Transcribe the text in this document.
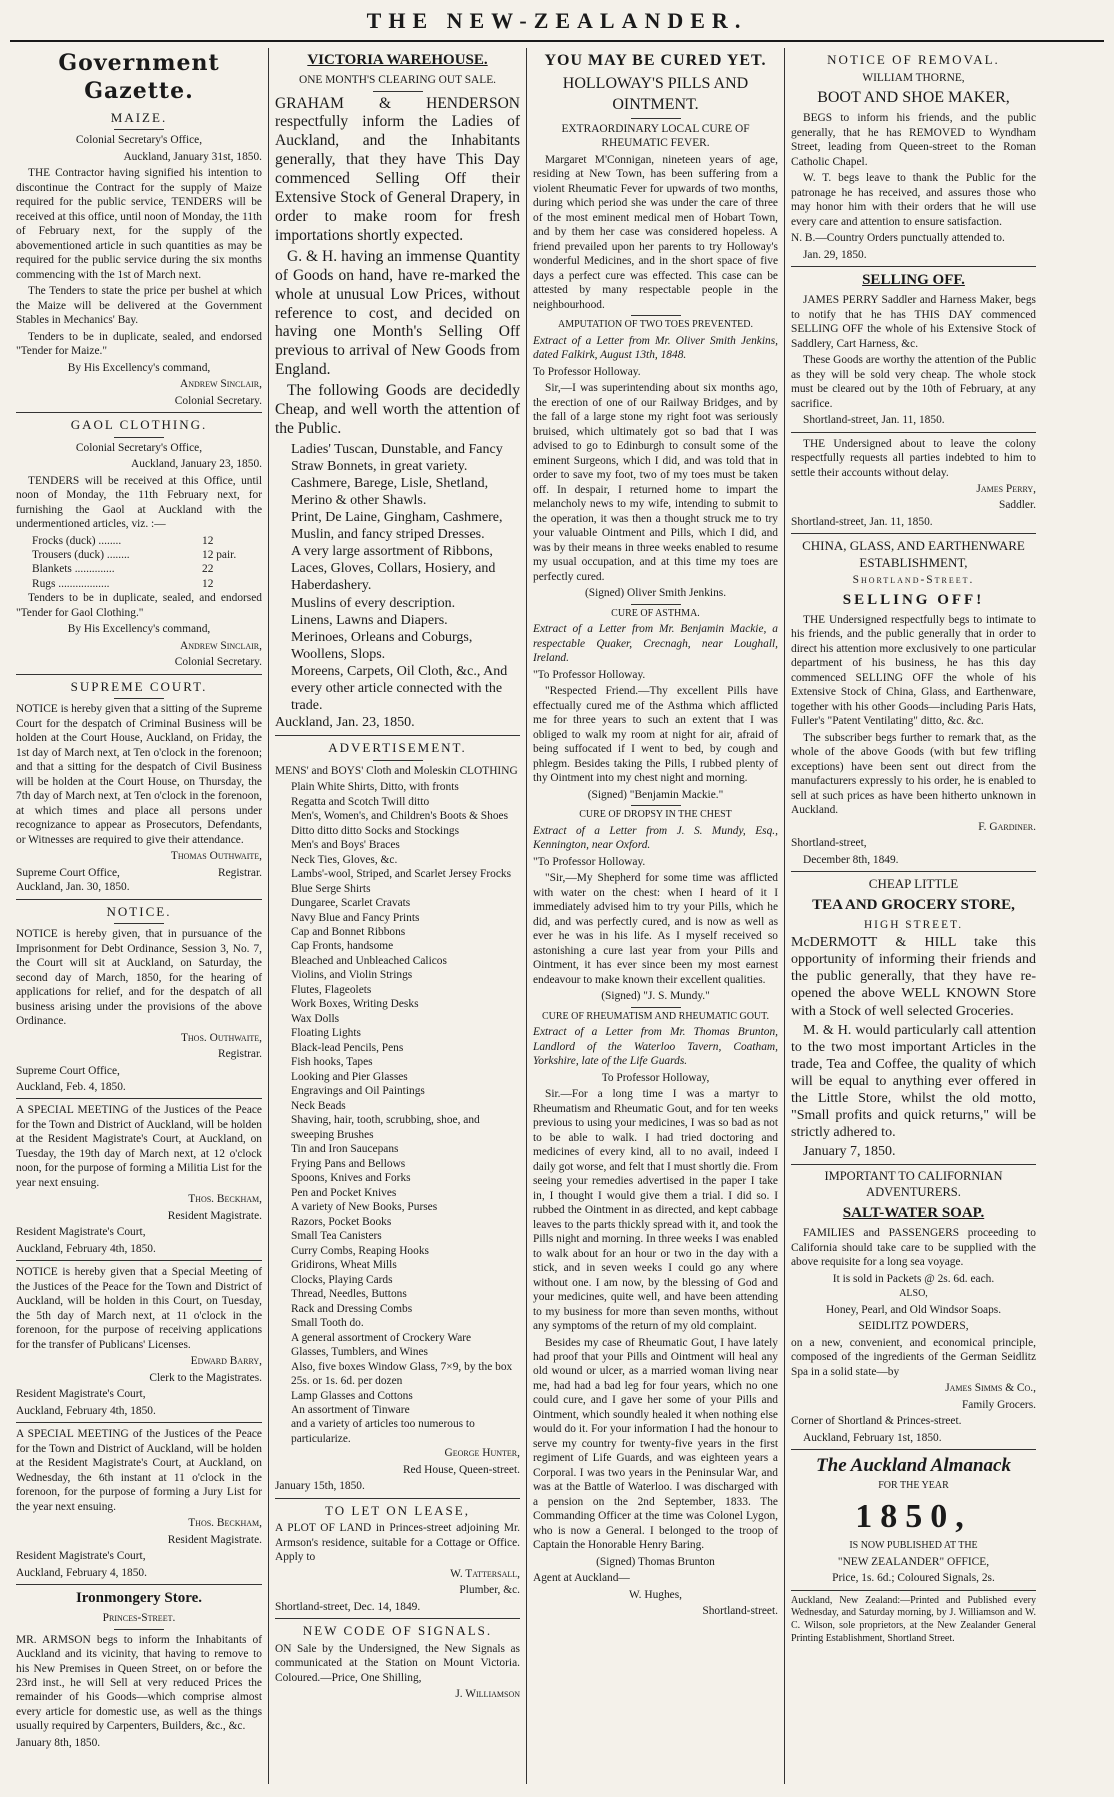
THE NEW-ZEALANDER.
Government Gazette.
MAIZE.

Colonial Secretary's Office,

Auckland, January 31st, 1850.

THE Contractor having signified his intention to discontinue the Contract for the supply of Maize required for the public service, TENDERS will be received at this office, until noon of Monday, the 11th of February next, for the supply of the abovementioned article in such quantities as may be required for the public service during the six months commencing with the 1st of March next.

The Tenders to state the price per bushel at which the Maize will be delivered at the Government Stables in Mechanics' Bay.

Tenders to be in duplicate, sealed, and endorsed "Tender for Maize."

By His Excellency's command,

Andrew Sinclair,

Colonial Secretary.

GAOL CLOTHING.

Colonial Secretary's Office,

Auckland, January 23, 1850.

TENDERS will be received at this Office, until noon of Monday, the 11th February next, for furnishing the Gaol at Auckland with the undermentioned articles, viz. :—

Frocks (duck) ........	12
Trousers (duck) ........	12 pair.
Blankets ..............	22
Rugs ..................	12

Tenders to be in duplicate, sealed, and endorsed "Tender for Gaol Clothing."

By His Excellency's command,

Andrew Sinclair,

Colonial Secretary.

SUPREME COURT.

NOTICE is hereby given that a sitting of the Supreme Court for the despatch of Criminal Business will be holden at the Court House, Auckland, on Friday, the 1st day of March next, at Ten o'clock in the forenoon; and that a sitting for the despatch of Civil Business will be holden at the Court House, on Thursday, the 7th day of March next, at Ten o'clock in the forenoon, at which times and place all persons under recognizance to appear as Prosecutors, Defendants, or Witnesses are required to give their attendance.

Thomas Outhwaite,

Supreme Court Office,	Registrar.

Auckland, Jan. 30, 1850.

NOTICE.

NOTICE is hereby given, that in pursuance of the Imprisonment for Debt Ordinance, Session 3, No. 7, the Court will sit at Auckland, on Saturday, the second day of March, 1850, for the hearing of applications for relief, and for the despatch of all business arising under the provisions of the above Ordinance.

Thos. Outhwaite,

Registrar.

Supreme Court Office,

Auckland, Feb. 4, 1850.

A SPECIAL MEETING of the Justices of the Peace for the Town and District of Auckland, will be holden at the Resident Magistrate's Court, at Auckland, on Tuesday, the 19th day of March next, at 12 o'clock noon, for the purpose of forming a Militia List for the year next ensuing.

Thos. Beckham,

Resident Magistrate.

Resident Magistrate's Court,

Auckland, February 4th, 1850.

NOTICE is hereby given that a Special Meeting of the Justices of the Peace for the Town and District of Auckland, will be holden in this Court, on Tuesday, the 5th day of March next, at 11 o'clock in the forenoon, for the purpose of receiving applications for the transfer of Publicans' Licenses.

Edward Barry,

Clerk to the Magistrates.

Resident Magistrate's Court,

Auckland, February 4th, 1850.

A SPECIAL MEETING of the Justices of the Peace for the Town and District of Auckland, will be holden at the Resident Magistrate's Court, at Auckland, on Wednesday, the 6th instant at 11 o'clock in the forenoon, for the purpose of forming a Jury List for the year next ensuing.

Thos. Beckham,

Resident Magistrate.

Resident Magistrate's Court,

Auckland, February 4, 1850.

Ironmongery Store.

Princes-Street.

MR. ARMSON begs to inform the Inhabitants of Auckland and its vicinity, that having to remove to his New Premises in Queen Street, on or before the 23rd inst., he will Sell at very reduced Prices the remainder of his Goods—which comprise almost every article for domestic use, as well as the things usually required by Carpenters, Builders, &c., &c.

January 8th, 1850.

VICTORIA WAREHOUSE.

ONE MONTH'S CLEARING OUT SALE.

GRAHAM & HENDERSON respectfully inform the Ladies of Auckland, and the Inhabitants generally, that they have This Day commenced Selling Off their Extensive Stock of General Drapery, in order to make room for fresh importations shortly expected.

G. & H. having an immense Quantity of Goods on hand, have re-marked the whole at unusual Low Prices, without reference to cost, and decided on having one Month's Selling Off previous to arrival of New Goods from England.

The following Goods are decidedly Cheap, and well worth the attention of the Public.

Ladies' Tuscan, Dunstable, and Fancy Straw Bonnets, in great variety.

Cashmere, Barege, Lisle, Shetland, Merino & other Shawls.

Print, De Laine, Gingham, Cashmere, Muslin, and fancy striped Dresses.

A very large assortment of Ribbons, Laces, Gloves, Collars, Hosiery, and Haberdashery.

Muslins of every description.

Linens, Lawns and Diapers.

Merinoes, Orleans and Coburgs, Woollens, Slops.

Moreens, Carpets, Oil Cloth, &c., And every other article connected with the trade.

Auckland, Jan. 23, 1850.

ADVERTISEMENT.

MENS' and BOYS' Cloth and Moleskin CLOTHING

Plain White Shirts, Ditto, with fronts

Regatta and Scotch Twill ditto

Men's, Women's, and Children's Boots & Shoes

Ditto ditto ditto Socks and Stockings

Men's and Boys' Braces

Neck Ties, Gloves, &c.

Lambs'-wool, Striped, and Scarlet Jersey Frocks

Blue Serge Shirts

Dungaree, Scarlet Cravats

Navy Blue and Fancy Prints

Cap and Bonnet Ribbons

Cap Fronts, handsome

Bleached and Unbleached Calicos

Violins, and Violin Strings

Flutes, Flageolets

Work Boxes, Writing Desks

Wax Dolls

Floating Lights

Black-lead Pencils, Pens

Fish hooks, Tapes

Looking and Pier Glasses

Engravings and Oil Paintings

Neck Beads

Shaving, hair, tooth, scrubbing, shoe, and sweeping Brushes

Tin and Iron Saucepans

Frying Pans and Bellows

Spoons, Knives and Forks

Pen and Pocket Knives

A variety of New Books, Purses

Razors, Pocket Books

Small Tea Canisters

Curry Combs, Reaping Hooks

Gridirons, Wheat Mills

Clocks, Playing Cards

Thread, Needles, Buttons

Rack and Dressing Combs

Small Tooth do.

A general assortment of Crockery Ware

Glasses, Tumblers, and Wines

Also, five boxes Window Glass, 7×9, by the box 25s. or 1s. 6d. per dozen

Lamp Glasses and Cottons

An assortment of Tinware

and a variety of articles too numerous to particularize.

George Hunter,

Red House, Queen-street.

January 15th, 1850.

TO LET ON LEASE,

A PLOT OF LAND in Princes-street adjoining Mr. Armson's residence, suitable for a Cottage or Office. Apply to

W. Tattersall,

Plumber, &c.

Shortland-street, Dec. 14, 1849.

NEW CODE OF SIGNALS.

ON Sale by the Undersigned, the New Signals as communicated at the Station on Mount Victoria. Coloured.—Price, One Shilling,

J. Williamson

YOU MAY BE CURED YET.
HOLLOWAY'S PILLS AND OINTMENT.

EXTRAORDINARY LOCAL CURE OF RHEUMATIC FEVER.

Margaret M'Connigan, nineteen years of age, residing at New Town, has been suffering from a violent Rheumatic Fever for upwards of two months, during which period she was under the care of three of the most eminent medical men of Hobart Town, and by them her case was considered hopeless. A friend prevailed upon her parents to try Holloway's wonderful Medicines, and in the short space of five days a perfect cure was effected. This case can be attested by many respectable people in the neighbourhood.

AMPUTATION OF TWO TOES PREVENTED.

Extract of a Letter from Mr. Oliver Smith Jenkins, dated Falkirk, August 13th, 1848.

To Professor Holloway.

Sir,—I was superintending about six months ago, the erection of one of our Railway Bridges, and by the fall of a large stone my right foot was seriously bruised, which ultimately got so bad that I was advised to go to Edinburgh to consult some of the eminent Surgeons, which I did, and was told that in order to save my foot, two of my toes must be taken off. In despair, I returned home to impart the melancholy news to my wife, intending to submit to the operation, it was then a thought struck me to try your valuable Ointment and Pills, which I did, and was by their means in three weeks enabled to resume my usual occupation, and at this time my toes are perfectly cured.

(Signed) Oliver Smith Jenkins.

CURE OF ASTHMA.

Extract of a Letter from Mr. Benjamin Mackie, a respectable Quaker, Crecnagh, near Loughall, Ireland.

"To Professor Holloway.

"Respected Friend.—Thy excellent Pills have effectually cured me of the Asthma which afflicted me for three years to such an extent that I was obliged to walk my room at night for air, afraid of being suffocated if I went to bed, by cough and phlegm. Besides taking the Pills, I rubbed plenty of thy Ointment into my chest night and morning.

(Signed) "Benjamin Mackie."

CURE OF DROPSY IN THE CHEST

Extract of a Letter from J. S. Mundy, Esq., Kennington, near Oxford.

"To Professor Holloway.

"Sir,—My Shepherd for some time was afflicted with water on the chest: when I heard of it I immediately advised him to try your Pills, which he did, and was perfectly cured, and is now as well as ever he was in his life. As I myself received so astonishing a cure last year from your Pills and Ointment, it has ever since been my most earnest endeavour to make known their excellent qualities.

(Signed) "J. S. Mundy."

CURE OF RHEUMATISM AND RHEUMATIC GOUT.

Extract of a Letter from Mr. Thomas Brunton, Landlord of the Waterloo Tavern, Coatham, Yorkshire, late of the Life Guards.

To Professor Holloway,

Sir.—For a long time I was a martyr to Rheumatism and Rheumatic Gout, and for ten weeks previous to using your medicines, I was so bad as not to be able to walk. I had tried doctoring and medicines of every kind, all to no avail, indeed I daily got worse, and felt that I must shortly die. From seeing your remedies advertised in the paper I take in, I thought I would give them a trial. I did so. I rubbed the Ointment in as directed, and kept cabbage leaves to the parts thickly spread with it, and took the Pills night and morning. In three weeks I was enabled to walk about for an hour or two in the day with a stick, and in seven weeks I could go any where without one. I am now, by the blessing of God and your medicines, quite well, and have been attending to my business for more than seven months, without any symptoms of the return of my old complaint.

Besides my case of Rheumatic Gout, I have lately had proof that your Pills and Ointment will heal any old wound or ulcer, as a married woman living near me, had had a bad leg for four years, which no one could cure, and I gave her some of your Pills and Ointment, which soundly healed it when nothing else would do it. For your information I had the honour to serve my country for twenty-five years in the first regiment of Life Guards, and was eighteen years a Corporal. I was two years in the Peninsular War, and was at the Battle of Waterloo. I was discharged with a pension on the 2nd September, 1833. The Commanding Officer at the time was Colonel Lygon, who is now a General. I belonged to the troop of Captain the Honorable Henry Baring.

(Signed) Thomas Brunton

Agent at Auckland—

W. Hughes,

Shortland-street.

NOTICE OF REMOVAL.

WILLIAM THORNE,

BOOT AND SHOE MAKER,

BEGS to inform his friends, and the public generally, that he has REMOVED to Wyndham Street, leading from Queen-street to the Roman Catholic Chapel.

W. T. begs leave to thank the Public for the patronage he has received, and assures those who may honor him with their orders that he will use every care and attention to ensure satisfaction.

N. B.—Country Orders punctually attended to.

Jan. 29, 1850.

SELLING OFF.

JAMES PERRY Saddler and Harness Maker, begs to notify that he has THIS DAY commenced SELLING OFF the whole of his Extensive Stock of Saddlery, Cart Harness, &c.

These Goods are worthy the attention of the Public as they will be sold very cheap. The whole stock must be cleared out by the 10th of February, at any sacrifice.

Shortland-street, Jan. 11, 1850.

THE Undersigned about to leave the colony respectfully requests all parties indebted to him to settle their accounts without delay.

James Perry,

Saddler.

Shortland-street, Jan. 11, 1850.

CHINA, GLASS, AND EARTHENWARE ESTABLISHMENT,

Shortland-Street.

SELLING OFF!

THE Undersigned respectfully begs to intimate to his friends, and the public generally that in order to direct his attention more exclusively to one particular department of his business, he has this day commenced SELLING OFF the whole of his Extensive Stock of China, Glass, and Earthenware, together with his other Goods—including Paris Hats, Fuller's "Patent Ventilating" ditto, &c. &c.

The subscriber begs further to remark that, as the whole of the above Goods (with but few trifling exceptions) have been sent out direct from the manufacturers expressly to his order, he is enabled to sell at such prices as have been hitherto unknown in Auckland.

F. Gardiner.

Shortland-street,

December 8th, 1849.

CHEAP LITTLE

TEA AND GROCERY STORE,

HIGH STREET.

McDERMOTT & HILL take this opportunity of informing their friends and the public generally, that they have re-opened the above WELL KNOWN Store with a Stock of well selected Groceries.

M. & H. would particularly call attention to the two most important Articles in the trade, Tea and Coffee, the quality of which will be equal to anything ever offered in the Little Store, whilst the old motto, "Small profits and quick returns," will be strictly adhered to.

January 7, 1850.

IMPORTANT TO CALIFORNIAN ADVENTURERS.

SALT-WATER SOAP.

FAMILIES and PASSENGERS proceeding to California should take care to be supplied with the above requisite for a long sea voyage.

It is sold in Packets @ 2s. 6d. each.

ALSO,

Honey, Pearl, and Old Windsor Soaps.

SEIDLITZ POWDERS,

on a new, convenient, and economical principle, composed of the ingredients of the German Seidlitz Spa in a solid state—by

James Simms & Co.,

Family Grocers.

Corner of Shortland & Princes-street.

Auckland, February 1st, 1850.

The Auckland Almanack

FOR THE YEAR

1850,

IS NOW PUBLISHED AT THE

"NEW ZEALANDER" OFFICE,

Price, 1s. 6d.; Coloured Signals, 2s.

Auckland, New Zealand:—Printed and Published every Wednesday, and Saturday morning, by J. Williamson and W. C. Wilson, sole proprietors, at the New Zealander General Printing Establishment, Shortland Street.
